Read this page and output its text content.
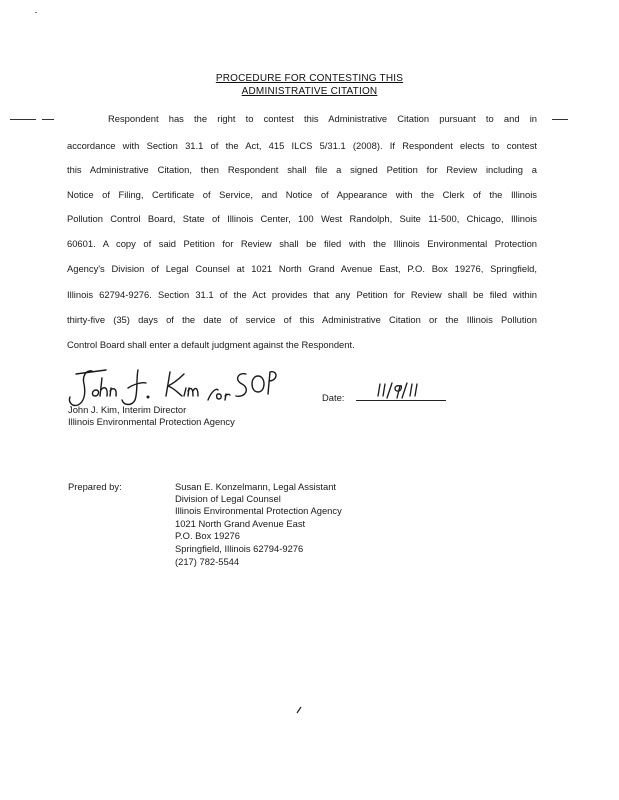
PROCEDURE FOR CONTESTING THIS
ADMINISTRATIVE CITATION
Respondent has the right to contest this Administrative Citation pursuant to and in
accordance with Section 31.1 of the Act, 415 ILCS 5/31.1 (2008). If Respondent elects to contest
this Administrative Citation, then Respondent shall file a signed Petition for Review including a
Notice of Filing, Certificate of Service, and Notice of Appearance with the Clerk of the Illinois
Pollution Control Board, State of Illinois Center, 100 West Randolph, Suite 11-500, Chicago, Illinois
60601. A copy of said Petition for Review shall be filed with the Illinois Environmental Protection
Agency's Division of Legal Counsel at 1021 North Grand Avenue East, P.O. Box 19276, Springfield,
Illinois 62794-9276. Section 31.1 of the Act provides that any Petition for Review shall be filed within
thirty-five (35) days of the date of service of this Administrative Citation or the Illinois Pollution
Control Board shall enter a default judgment against the Respondent.
John J. Kim, Interim Director
Illinois Environmental Protection Agency
Date:
Prepared by:	Susan E. Konzelmann, Legal Assistant
Division of Legal Counsel
Illinois Environmental Protection Agency
1021 North Grand Avenue East
P.O. Box 19276
Springfield, Illinois 62794-9276
(217) 782-5544
